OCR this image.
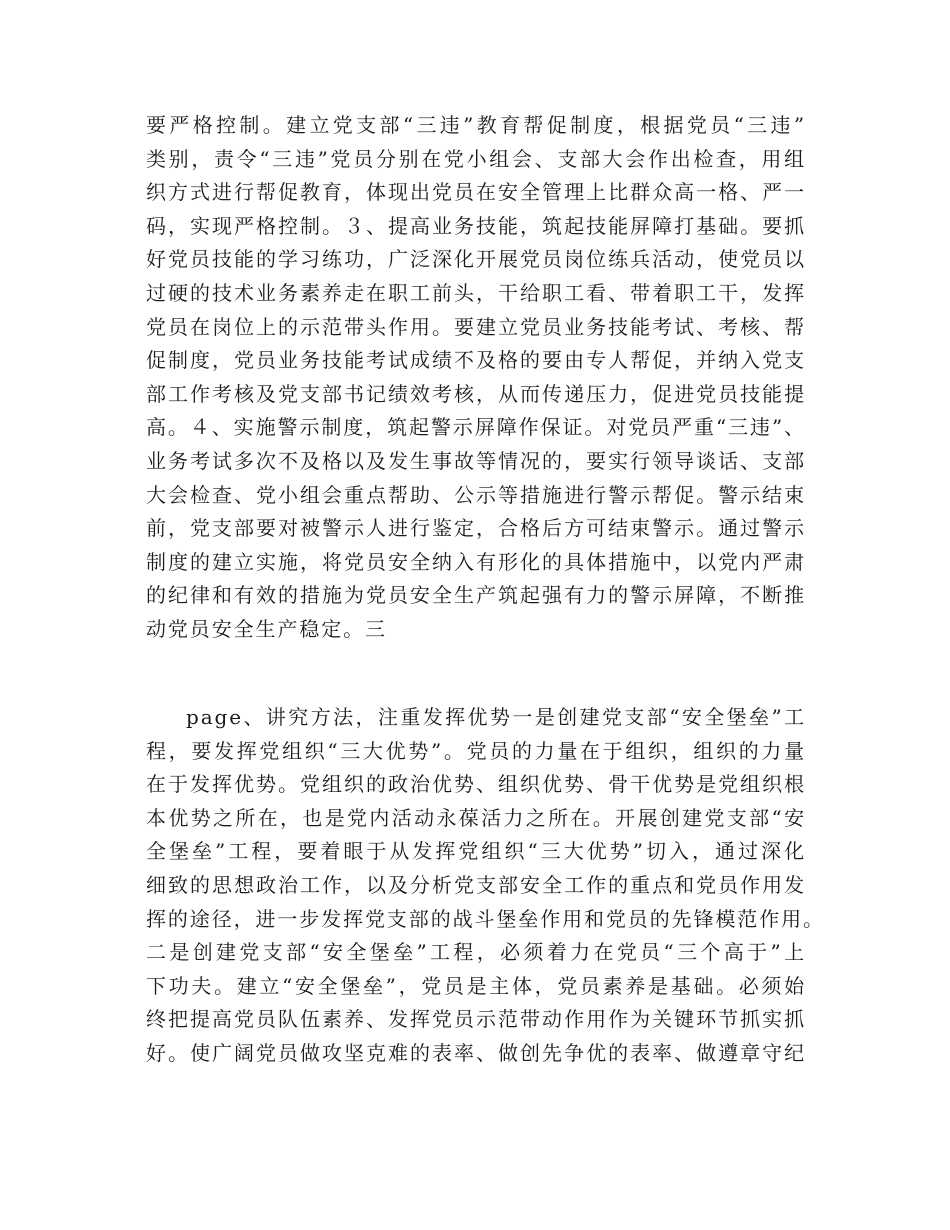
要严格控制。建立党支部“三违”教育帮促制度，根据党员“三违”
类别，责令“三违”党员分别在党小组会、支部大会作出检查，用组
织方式进行帮促教育，体现出党员在安全管理上比群众高一格、严一
码，实现严格控制。３、提高业务技能，筑起技能屏障打基础。要抓
好党员技能的学习练功，广泛深化开展党员岗位练兵活动，使党员以
过硬的技术业务素养走在职工前头，干给职工看、带着职工干，发挥
党员在岗位上的示范带头作用。要建立党员业务技能考试、考核、帮
促制度，党员业务技能考试成绩不及格的要由专人帮促，并纳入党支
部工作考核及党支部书记绩效考核，从而传递压力，促进党员技能提
高。４、实施警示制度，筑起警示屏障作保证。对党员严重“三违”、
业务考试多次不及格以及发生事故等情况的，要实行领导谈话、支部
大会检查、党小组会重点帮助、公示等措施进行警示帮促。警示结束
前，党支部要对被警示人进行鉴定，合格后方可结束警示。通过警示
制度的建立实施，将党员安全纳入有形化的具体措施中，以党内严肃
的纪律和有效的措施为党员安全生产筑起强有力的警示屏障，不断推
动党员安全生产稳定。三
page、讲究方法，注重发挥优势一是创建党支部“安全堡垒”工
程，要发挥党组织“三大优势”。党员的力量在于组织，组织的力量
在于发挥优势。党组织的政治优势、组织优势、骨干优势是党组织根
本优势之所在，也是党内活动永葆活力之所在。开展创建党支部“安
全堡垒”工程，要着眼于从发挥党组织“三大优势”切入，通过深化
细致的思想政治工作，以及分析党支部安全工作的重点和党员作用发
挥的途径，进一步发挥党支部的战斗堡垒作用和党员的先锋模范作用。
二是创建党支部“安全堡垒”工程，必须着力在党员“三个高于”上
下功夫。建立“安全堡垒”，党员是主体，党员素养是基础。必须始
终把提高党员队伍素养、发挥党员示范带动作用作为关键环节抓实抓
好。使广阔党员做攻坚克难的表率、做创先争优的表率、做遵章守纪
